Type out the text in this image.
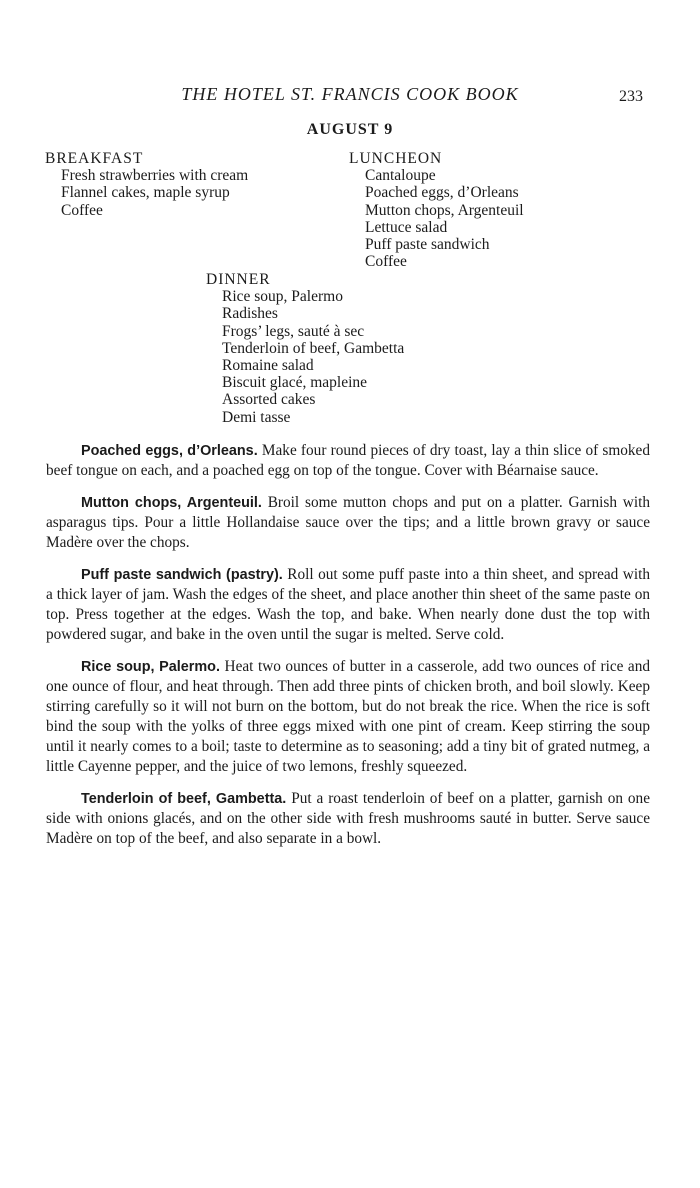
THE HOTEL ST. FRANCIS COOK BOOK	233
AUGUST 9
BREAKFAST
Fresh strawberries with cream
Flannel cakes, maple syrup
Coffee
LUNCHEON
Cantaloupe
Poached eggs, d’Orleans
Mutton chops, Argenteuil
Lettuce salad
Puff paste sandwich
Coffee
DINNER
Rice soup, Palermo
Radishes
Frogs’ legs, sauté à sec
Tenderloin of beef, Gambetta
Romaine salad
Biscuit glacé, mapleine
Assorted cakes
Demi tasse

Poached eggs, d’Orleans. Make four round pieces of dry toast, lay a thin slice of smoked beef tongue on each, and a poached egg on top of the tongue. Cover with Béarnaise sauce.

Mutton chops, Argenteuil. Broil some mutton chops and put on a platter. Garnish with asparagus tips. Pour a little Hollandaise sauce over the tips; and a little brown gravy or sauce Madère over the chops.

Puff paste sandwich (pastry). Roll out some puff paste into a thin sheet, and spread with a thick layer of jam. Wash the edges of the sheet, and place another thin sheet of the same paste on top. Press together at the edges. Wash the top, and bake. When nearly done dust the top with powdered sugar, and bake in the oven until the sugar is melted. Serve cold.

Rice soup, Palermo. Heat two ounces of butter in a casserole, add two ounces of rice and one ounce of flour, and heat through. Then add three pints of chicken broth, and boil slowly. Keep stirring carefully so it will not burn on the bottom, but do not break the rice. When the rice is soft bind the soup with the yolks of three eggs mixed with one pint of cream. Keep stirring the soup until it nearly comes to a boil; taste to determine as to seasoning; add a tiny bit of grated nutmeg, a little Cayenne pepper, and the juice of two lemons, freshly squeezed.

Tenderloin of beef, Gambetta. Put a roast tenderloin of beef on a platter, garnish on one side with onions glacés, and on the other side with fresh mushrooms sauté in butter. Serve sauce Madère on top of the beef, and also separate in a bowl.
